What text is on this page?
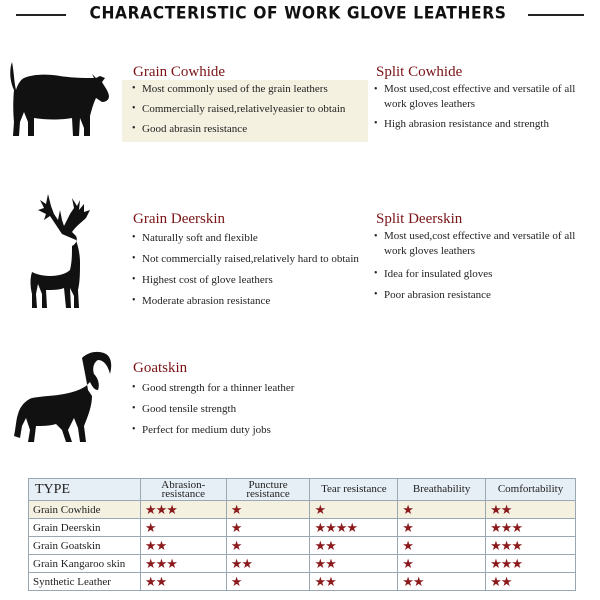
CHARACTERISTIC OF WORK GLOVE LEATHERS
Grain Cowhide
• Most commonly used of the grain leathers
• Commercially raised,relativelyeasier to obtain
• Good abrasin resistance
Split Cowhide
• Most used,cost effective and versatile of all work gloves leathers
• High abrasion resistance and strength
Grain Deerskin
• Naturally soft and flexible
• Not commercially raised,relatively hard to obtain
• Highest cost of glove leathers
• Moderate abrasion resistance
Split Deerskin
• Most used,cost effective and versatile of all work gloves leathers
• Idea for insulated gloves
• Poor abrasion resistance
Goatskin
• Good strength for a thinner leather
• Good tensile strength
• Perfect for medium duty jobs
TYPE	Abrasion-resistance	Puncture resistance	Tear resistance	Breathability	Comfortability
Grain Cowhide	★★★	★	★	★	★★
Grain Deerskin	★	★	★★★★	★	★★★
Grain Goatskin	★★	★	★★	★	★★★
Grain Kangaroo skin	★★★	★★	★★	★	★★★
Synthetic Leather	★★	★	★★	★★	★★
